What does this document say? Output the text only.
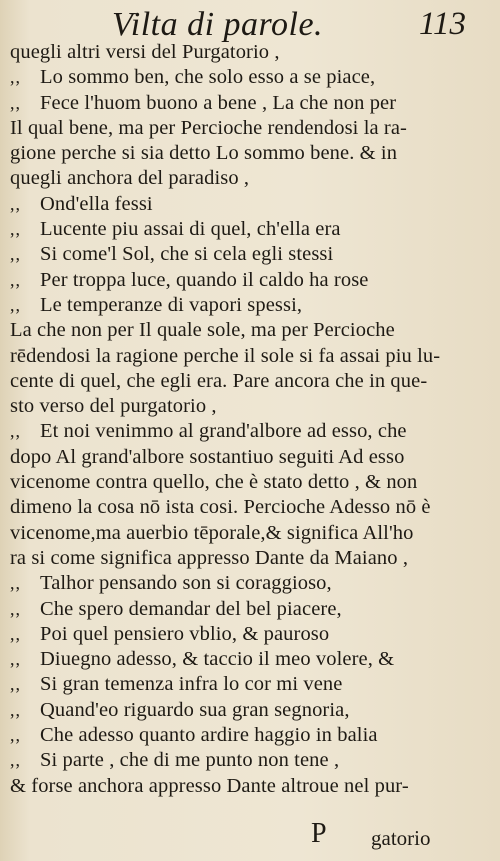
Vilta di parole.	113
quegli altri versi del Purgatorio ,
,, Lo sommo ben, che solo esso a se piace,
,, Fece l'huom buono a bene , La che non per
Il qual bene, ma per Percioche rendendosi la ra-
gione perche si sia detto Lo sommo bene. & in
quegli anchora del paradiso ,
,, Ond'ella fessi
,, Lucente piu assai di quel, ch'ella era
,, Si come'l Sol, che si cela egli stessi
,, Per troppa luce, quando il caldo ha rose
,, Le temperanze di vapori spessi,
La che non per Il quale sole, ma per Percioche
rēdendosi la ragione perche il sole si fa assai piu lu-
cente di quel, che egli era. Pare ancora che in que-
sto verso del purgatorio ,
,, Et noi venimmo al grand'albore ad esso, che
dopo Al grand'albore sostantiuo seguiti Ad esso
vicenome contra quello, che è stato detto , & non
dimeno la cosa nō ista cosi. Percioche Adesso nō è
vicenome,ma auerbio tēporale,& significa All'ho
ra si come significa appresso Dante da Maiano ,
,, Talhor pensando son si coraggioso,
,, Che spero demandar del bel piacere,
,, Poi quel pensiero vblio, & pauroso
,, Diuegno adesso, & taccio il meo volere, &
,, Si gran temenza infra lo cor mi vene
,, Quand'eo riguardo sua gran segnoria,
,, Che adesso quanto ardire haggio in balia
,, Si parte , che di me punto non tene ,
& forse anchora appresso Dante altroue nel pur-
P gatorio
